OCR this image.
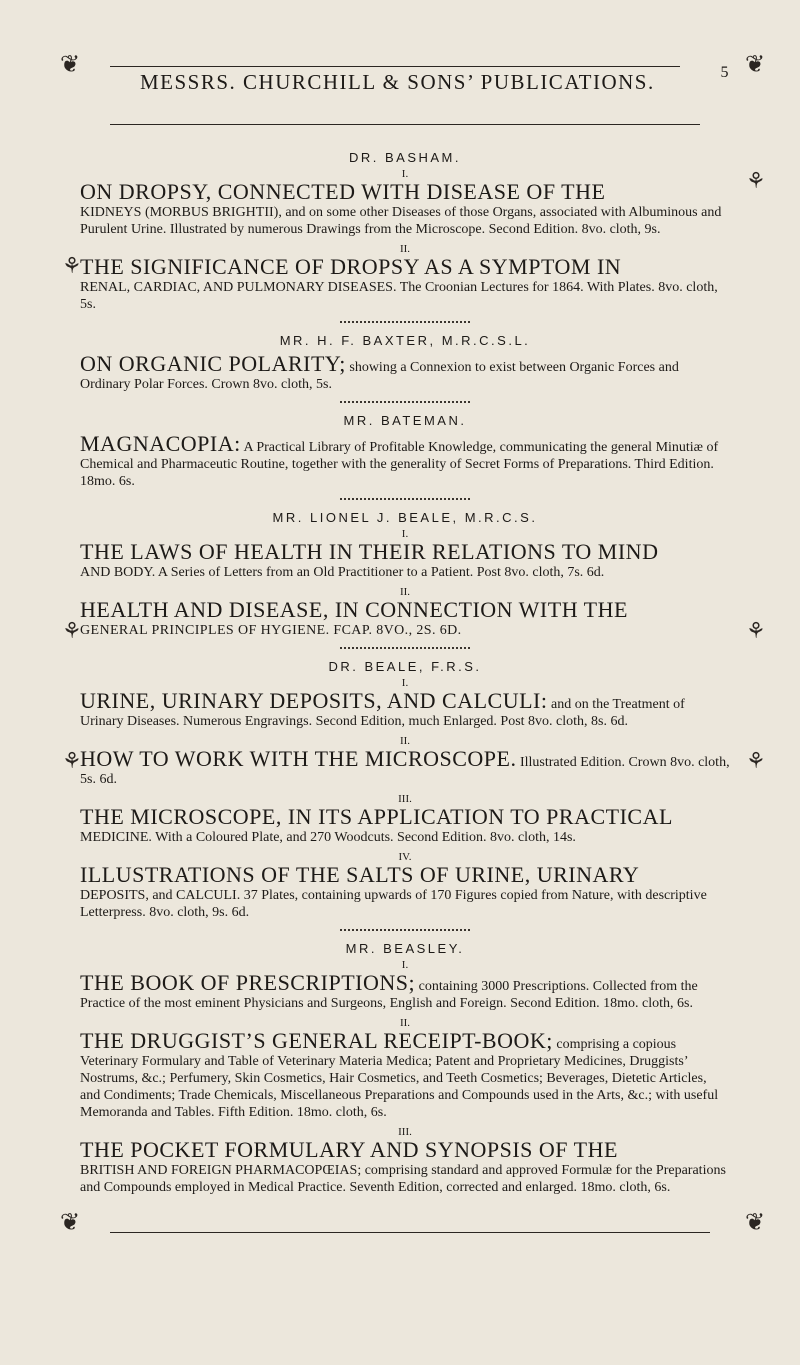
❦	❦
❦	❦
⚘
⚘
⚘
⚘
⚘
⚘
MESSRS. CHURCHILL & SONS’ PUBLICATIONS.	5
DR. BASHAM.
I.

ON DROPSY, CONNECTED WITH DISEASE OF THE
KIDNEYS (MORBUS BRIGHTII), and on some other Diseases of those Organs, associated with Albuminous and Purulent Urine. Illustrated by numerous Drawings from the Microscope. Second Edition. 8vo. cloth, 9s.

II.

THE SIGNIFICANCE OF DROPSY AS A SYMPTOM IN
RENAL, CARDIAC, AND PULMONARY DISEASES. The Croonian Lectures for 1864. With Plates. 8vo. cloth, 5s.

MR. H. F. BAXTER, M.R.C.S.L.

ON ORGANIC POLARITY; showing a Connexion to exist between Organic Forces and Ordinary Polar Forces. Crown 8vo. cloth, 5s.

MR. BATEMAN.

MAGNACOPIA: A Practical Library of Profitable Knowledge, communicating the general Minutiæ of Chemical and Pharmaceutic Routine, together with the generality of Secret Forms of Preparations. Third Edition. 18mo. 6s.

MR. LIONEL J. BEALE, M.R.C.S.
I.

THE LAWS OF HEALTH IN THEIR RELATIONS TO MIND
AND BODY. A Series of Letters from an Old Practitioner to a Patient. Post 8vo. cloth, 7s. 6d.

II.

HEALTH AND DISEASE, IN CONNECTION WITH THE
GENERAL PRINCIPLES OF HYGIENE. FCAP. 8VO., 2S. 6D.

DR. BEALE, F.R.S.
I.

URINE, URINARY DEPOSITS, AND CALCULI: and on the Treatment of Urinary Diseases. Numerous Engravings. Second Edition, much Enlarged. Post 8vo. cloth, 8s. 6d.

II.

HOW TO WORK WITH THE MICROSCOPE. Illustrated Edition. Crown 8vo. cloth, 5s. 6d.

III.

THE MICROSCOPE, IN ITS APPLICATION TO PRACTICAL
MEDICINE. With a Coloured Plate, and 270 Woodcuts. Second Edition. 8vo. cloth, 14s.

IV.

ILLUSTRATIONS OF THE SALTS OF URINE, URINARY
DEPOSITS, and CALCULI. 37 Plates, containing upwards of 170 Figures copied from Nature, with descriptive Letterpress. 8vo. cloth, 9s. 6d.

MR. BEASLEY.
I.

THE BOOK OF PRESCRIPTIONS; containing 3000 Prescriptions. Collected from the Practice of the most eminent Physicians and Surgeons, English and Foreign. Second Edition. 18mo. cloth, 6s.

II.

THE DRUGGIST’S GENERAL RECEIPT-BOOK; comprising a copious Veterinary Formulary and Table of Veterinary Materia Medica; Patent and Proprietary Medicines, Druggists’ Nostrums, &c.; Perfumery, Skin Cosmetics, Hair Cosmetics, and Teeth Cosmetics; Beverages, Dietetic Articles, and Condiments; Trade Chemicals, Miscellaneous Preparations and Compounds used in the Arts, &c.; with useful Memoranda and Tables. Fifth Edition. 18mo. cloth, 6s.

III.

THE POCKET FORMULARY AND SYNOPSIS OF THE
BRITISH AND FOREIGN PHARMACOPŒIAS; comprising standard and approved Formulæ for the Preparations and Compounds employed in Medical Practice. Seventh Edition, corrected and enlarged. 18mo. cloth, 6s.
